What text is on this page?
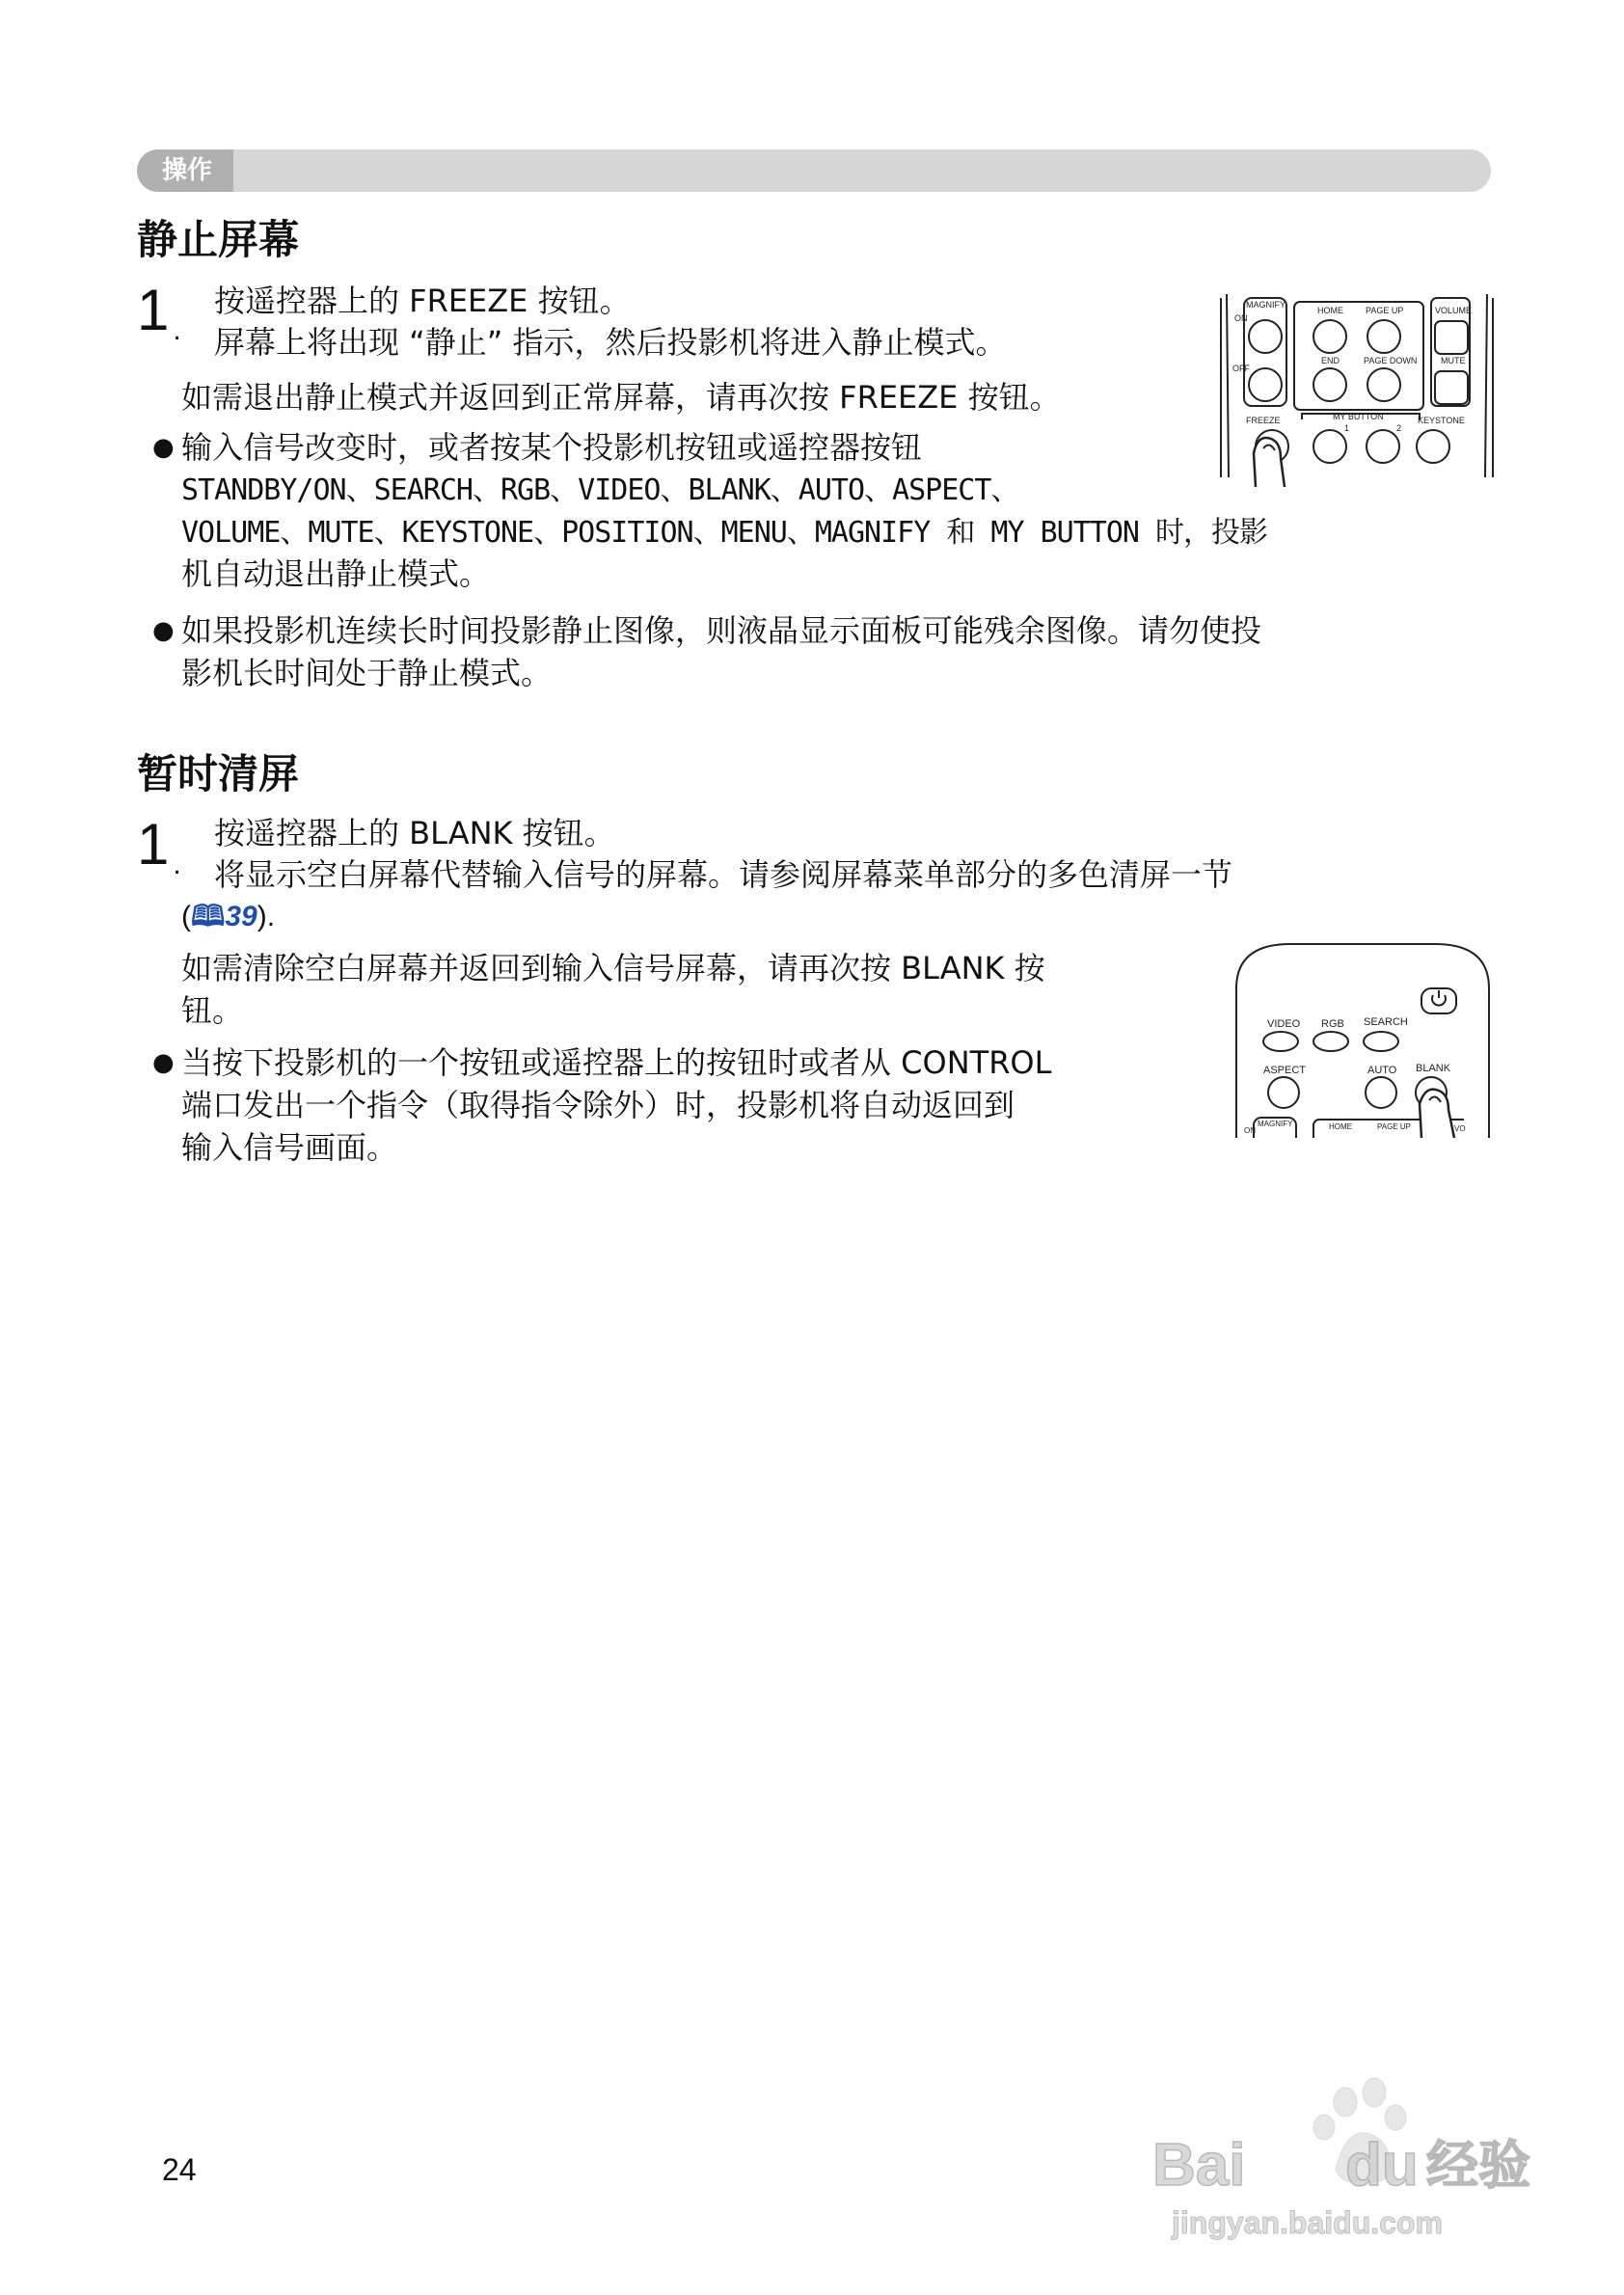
操作
静止屏幕
1 .

按遥控器上的 FREEZE 按钮。

屏幕上将出现 “静止” 指示，然后投影机将进入静止模式。

如需退出静止模式并返回到正常屏幕，请再次按 FREEZE 按钮。

● 输入信号改变时，或者按某个投影机按钮或遥控器按钮

STANDBY/ON、SEARCH、RGB、VIDEO、BLANK、AUTO、ASPECT、

VOLUME、MUTE、KEYSTONE、POSITION、MENU、MAGNIFY 和 MY BUTTON 时，投影

机自动退出静止模式。

● 如果投影机连续长时间投影静止图像，则液晶显示面板可能残余图像。请勿使投

影机长时间处于静止模式。

MAGNIFY
ON
OFF
HOME	PAGE UP	VOLUME
END	PAGE DOWN	MUTE
FREEZE	MY BUTTON	KEYSTONE
1	2
暂时清屏
1 .

按遥控器上的 BLANK 按钮。

将显示空白屏幕代替输入信号的屏幕。请参阅屏幕菜单部分的多色清屏一节

(🕮39).

如需清除空白屏幕并返回到输入信号屏幕，请再次按 BLANK 按

钮。

● 当按下投影机的一个按钮或遥控器上的按钮时或者从 CONTROL

端口发出一个指令（取得指令除外）时，投影机将自动返回到

输入信号画面。

VIDEO RGB SEARCH
ASPECT	AUTO BLANK
MAGNIFY
ON	HOME	PAGE UP	VO
24	Bai du 经验
jingyan.baidu.com
